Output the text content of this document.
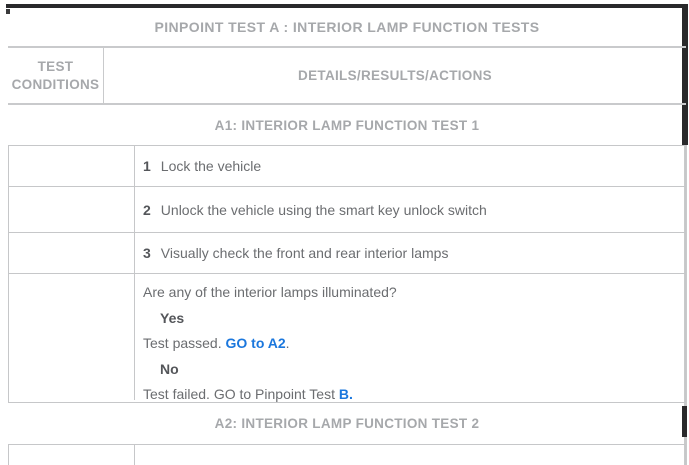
PINPOINT TEST A : INTERIOR LAMP FUNCTION TESTS
TEST CONDITIONS
DETAILS/RESULTS/ACTIONS
A1: INTERIOR LAMP FUNCTION TEST 1
1 Lock the vehicle
2 Unlock the vehicle using the smart key unlock switch
3 Visually check the front and rear interior lamps
Are any of the interior lamps illuminated?
Yes
Test passed. GO to A2.
No
Test failed. GO to Pinpoint Test B.
A2: INTERIOR LAMP FUNCTION TEST 2
